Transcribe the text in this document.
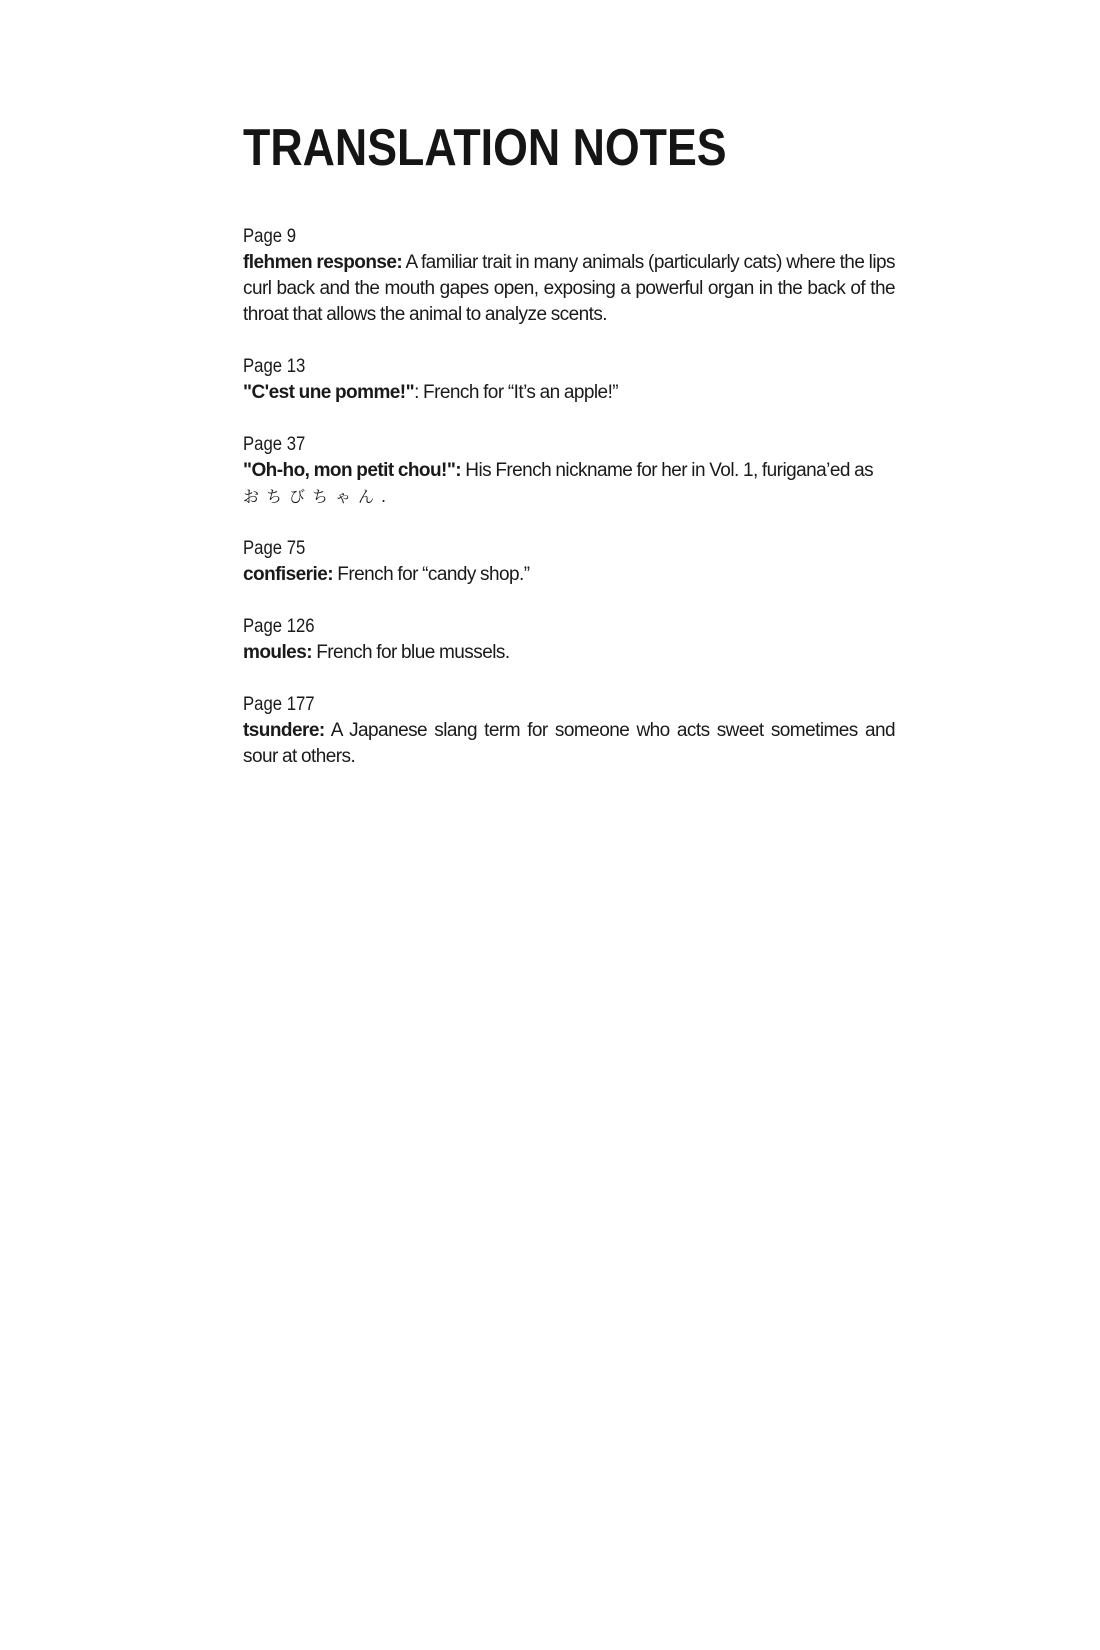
TRANSLATION NOTES
Page 9
flehmen response: A familiar trait in many animals (particularly cats) where the lips curl back and the mouth gapes open, exposing a powerful organ in the back of the throat that allows the animal to analyze scents.
Page 13
"C'est une pomme!": French for “It’s an apple!”
Page 37
"Oh-ho, mon petit chou!": His French nickname for her in Vol. 1, furigana’ed as
おちびちゃん.
Page 75
confiserie: French for “candy shop.”
Page 126
moules: French for blue mussels.
Page 177
tsundere: A Japanese slang term for someone who acts sweet sometimes and sour at others.
